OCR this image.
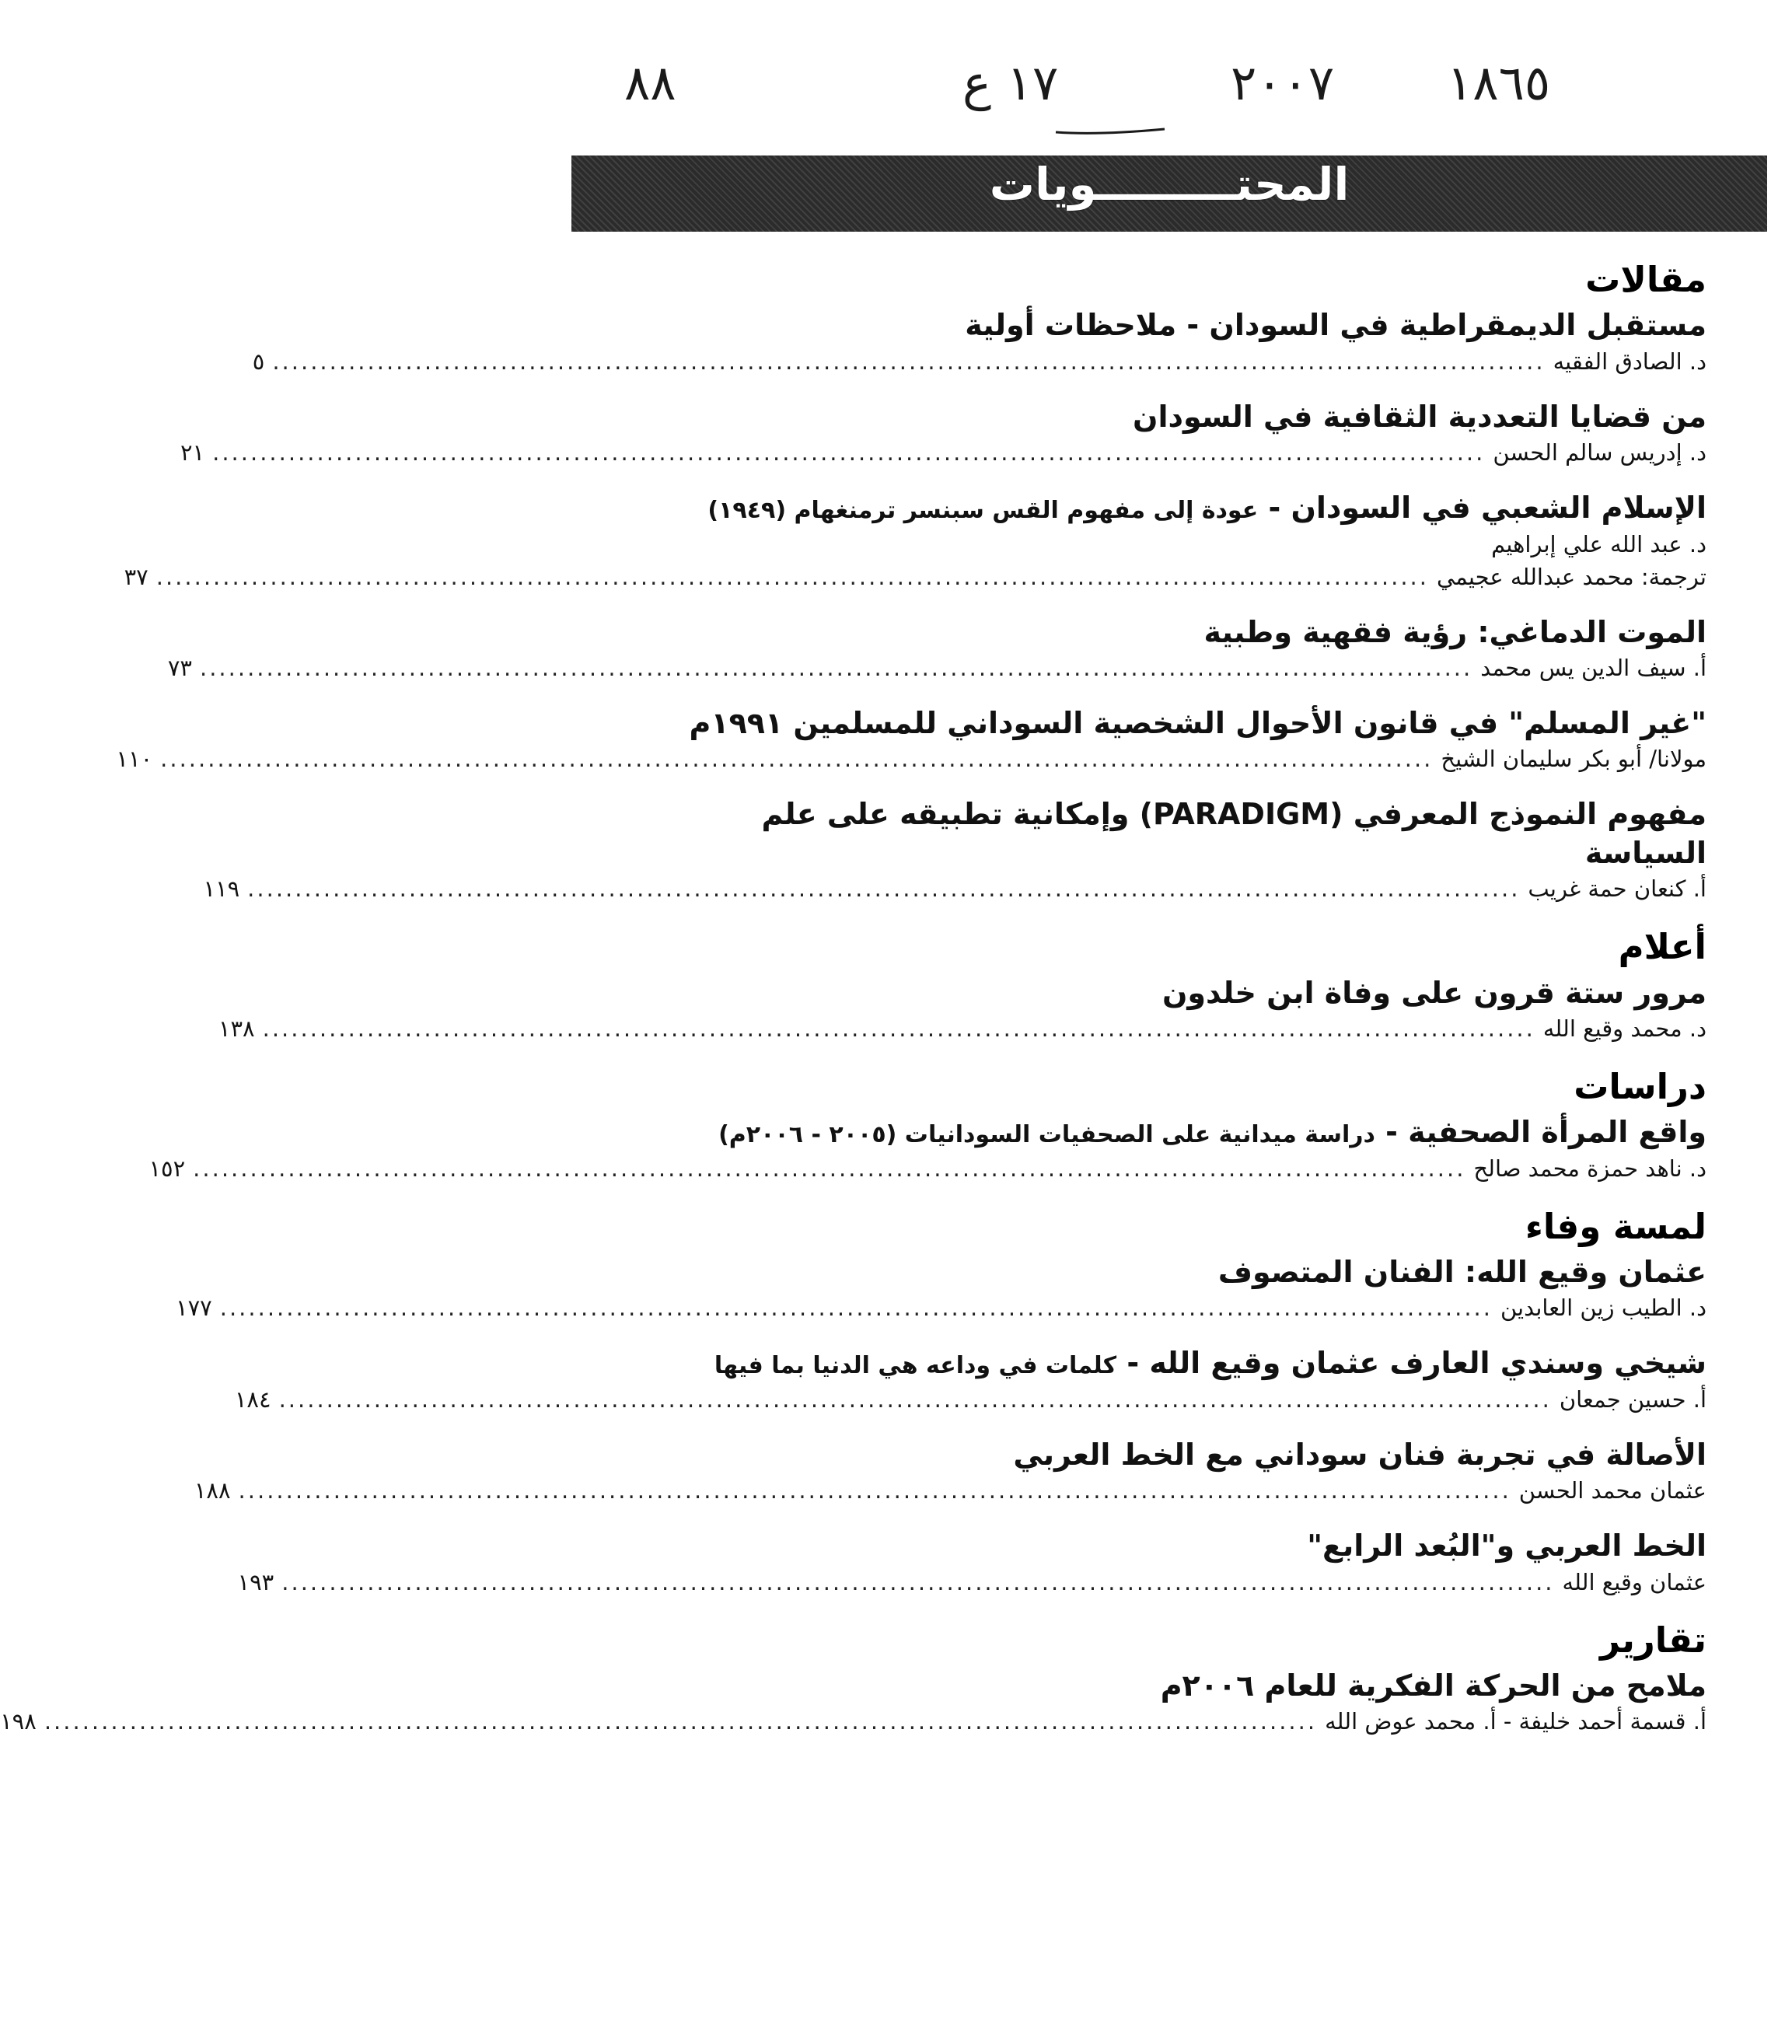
١٨٦٥
٢٠٠٧
١٧ ع
٨٨
المحتـــــــــويات
مقالات
مستقبل الديمقراطية في السودان - ملاحظات أولية
د. الصادق الفقيه
......................................................................................................................................
٥
من قضايا التعددية الثقافية في السودان
د. إدريس سالم الحسن
......................................................................................................................................
٢١
الإسلام الشعبي في السودان - عودة إلى مفهوم القس سبنسر ترمنغهام (١٩٤٩)
د. عبد الله علي إبراهيم
ترجمة: محمد عبدالله عجيمي
......................................................................................................................................
٣٧
الموت الدماغي: رؤية فقهية وطبية
أ. سيف الدين يس محمد
......................................................................................................................................
٧٣
"غير المسلم" في قانون الأحوال الشخصية السوداني للمسلمين ١٩٩١م
مولانا/ أبو بكر سليمان الشيخ
......................................................................................................................................
١١٠
مفهوم النموذج المعرفي (PARADIGM) وإمكانية تطبيقه على علم السياسة
أ. كنعان حمة غريب
......................................................................................................................................
١١٩
أعلام
مرور ستة قرون على وفاة ابن خلدون
د. محمد وقيع الله
......................................................................................................................................
١٣٨
دراسات
واقع المرأة الصحفية - دراسة ميدانية على الصحفيات السودانيات (٢٠٠٥ - ٢٠٠٦م)
د. ناهد حمزة محمد صالح
......................................................................................................................................
١٥٢
لمسة وفاء
عثمان وقيع الله: الفنان المتصوف
د. الطيب زين العابدين
......................................................................................................................................
١٧٧
شيخي وسندي العارف عثمان وقيع الله - كلمات في وداعه هي الدنيا بما فيها
أ. حسين جمعان
......................................................................................................................................
١٨٤
الأصالة في تجربة فنان سوداني مع الخط العربي
عثمان محمد الحسن
......................................................................................................................................
١٨٨
الخط العربي و"البُعد الرابع"
عثمان وقيع الله
......................................................................................................................................
١٩٣
تقارير
ملامح من الحركة الفكرية للعام ٢٠٠٦م
أ. قسمة أحمد خليفة - أ. محمد عوض الله
......................................................................................................................................
١٩٨
